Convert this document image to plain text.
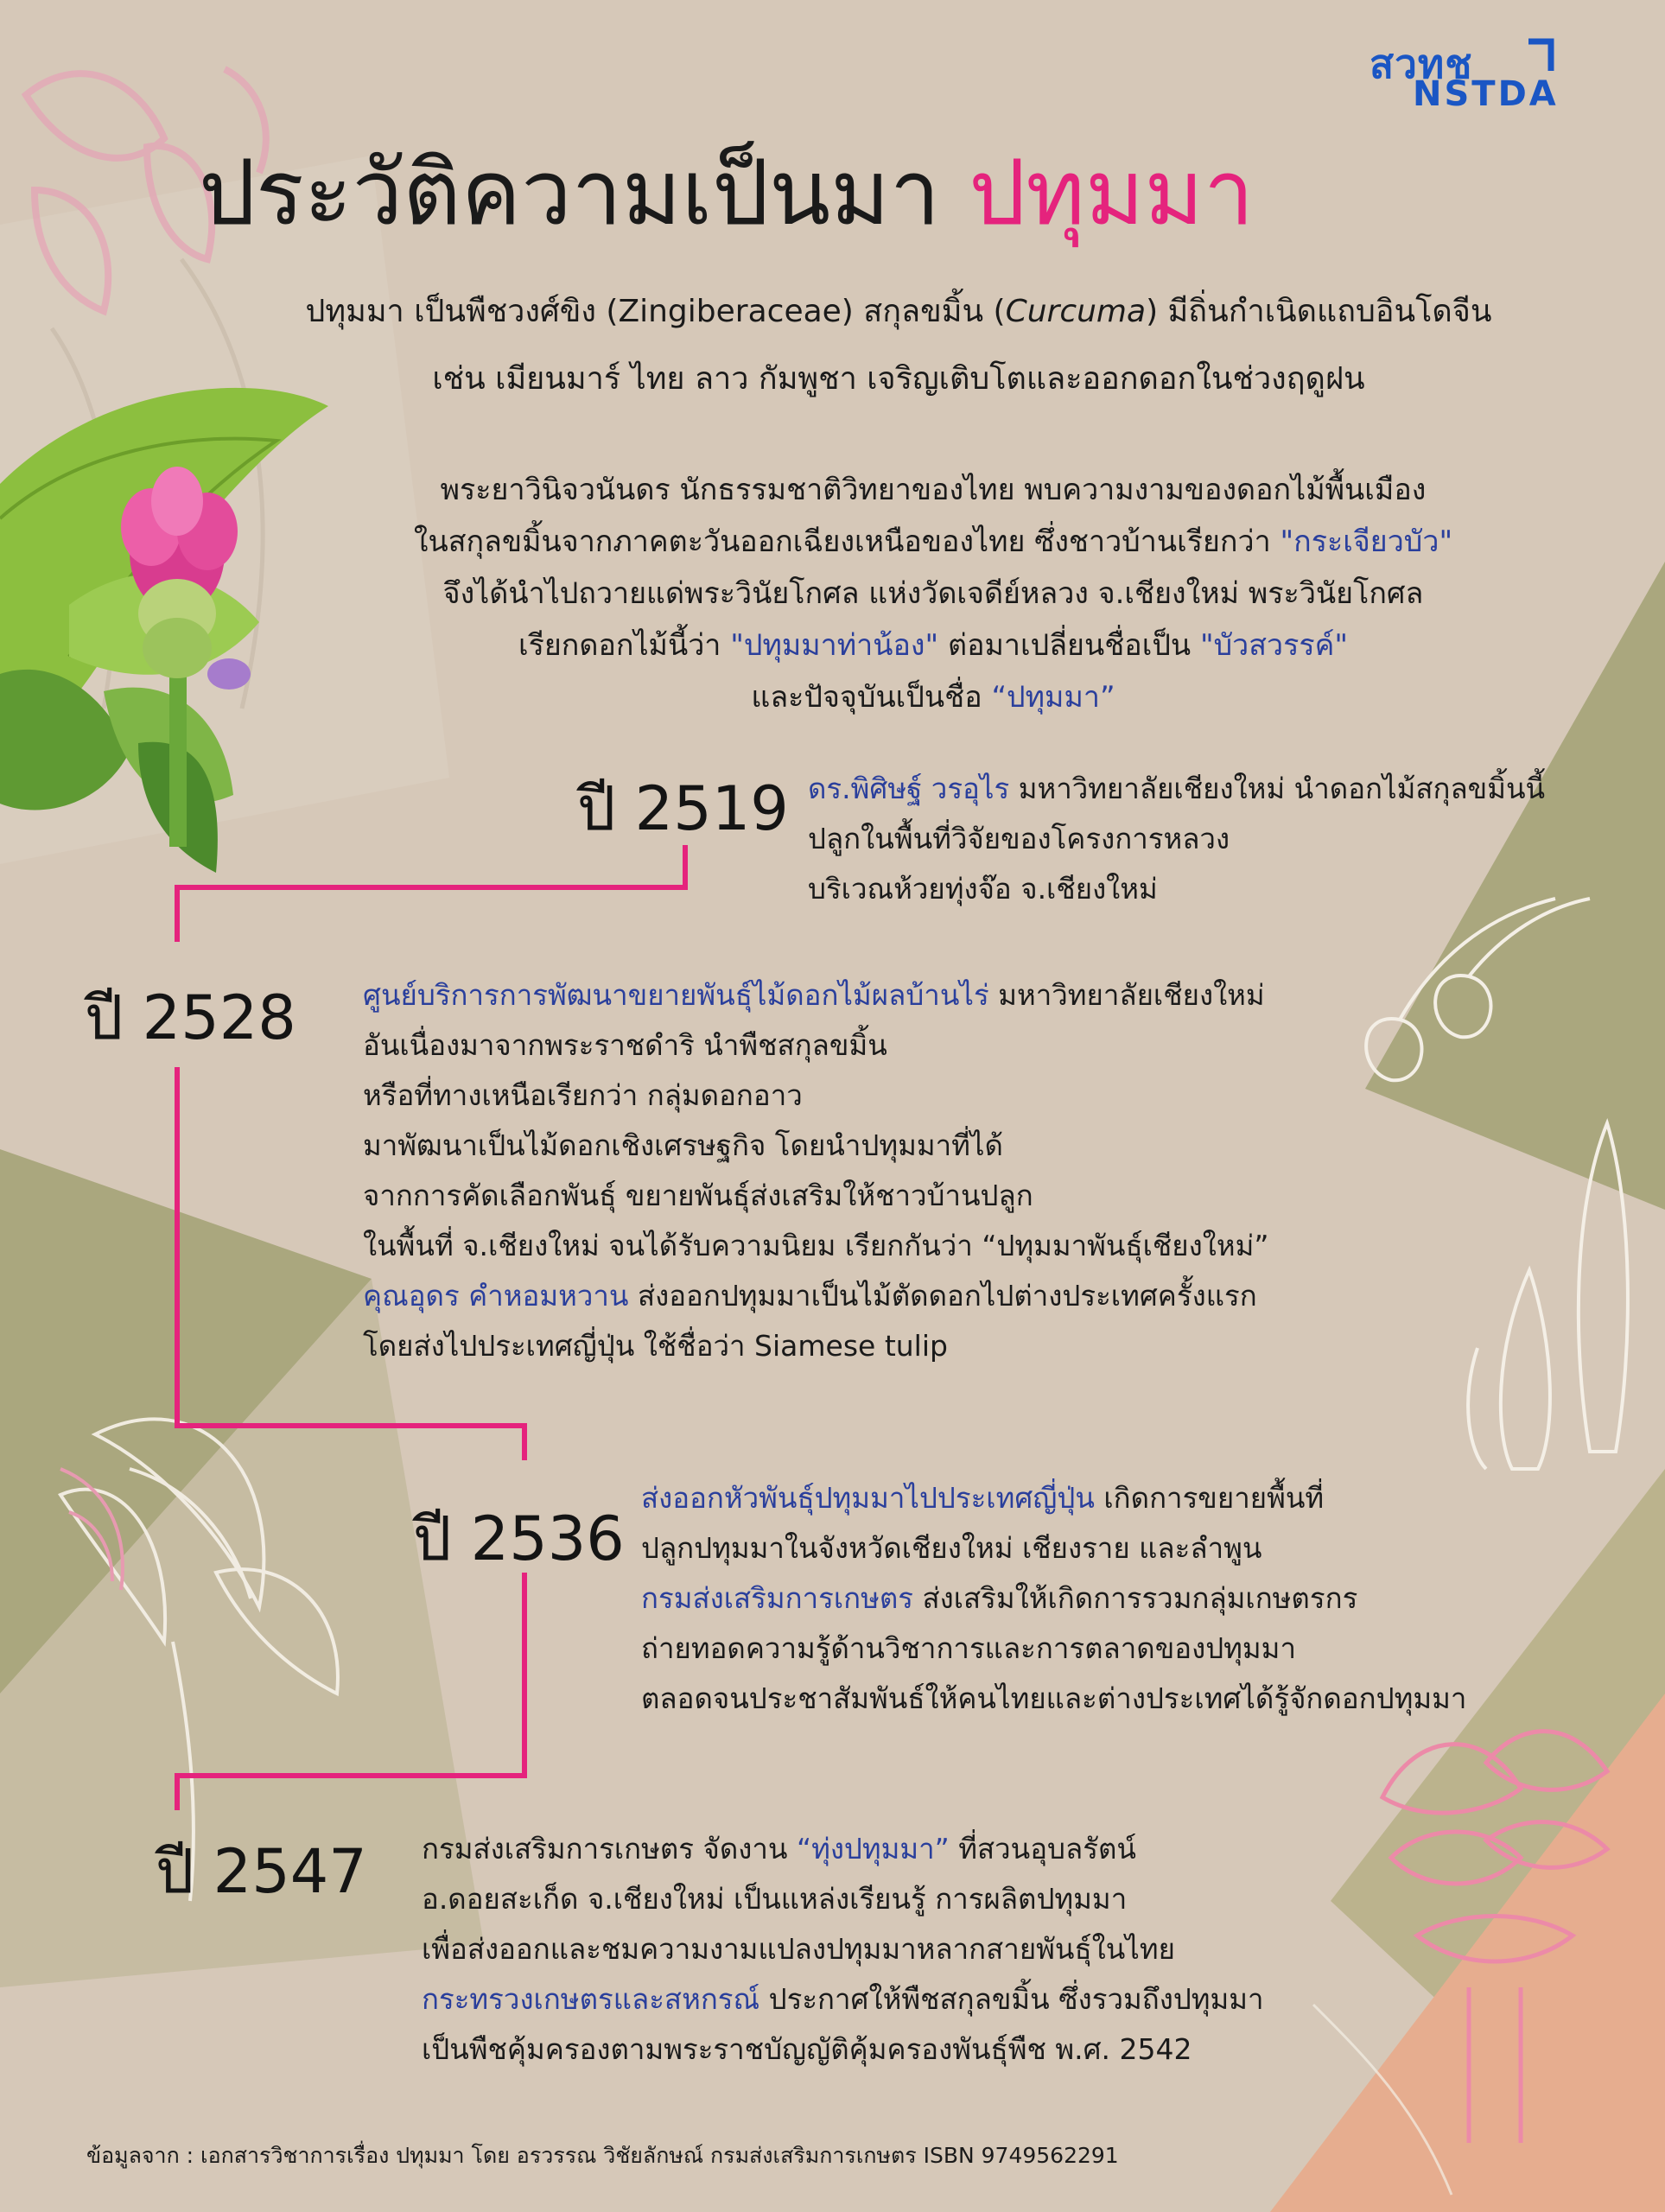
สวทช
NSTDA
ประวัติความเป็นมา ปทุมมา
ปทุมมา เป็นพืชวงศ์ขิง (Zingiberaceae) สกุลขมิ้น (Curcuma) มีถิ่นกำเนิดแถบอินโดจีน
เช่น เมียนมาร์ ไทย ลาว กัมพูชา เจริญเติบโตและออกดอกในช่วงฤดูฝน
พระยาวินิจวนันดร นักธรรมชาติวิทยาของไทย พบความงามของดอกไม้พื้นเมือง
ในสกุลขมิ้นจากภาคตะวันออกเฉียงเหนือของไทย ซึ่งชาวบ้านเรียกว่า "กระเจียวบัว"
จึงได้นำไปถวายแด่พระวินัยโกศล แห่งวัดเจดีย์หลวง จ.เชียงใหม่ พระวินัยโกศล
เรียกดอกไม้นี้ว่า "ปทุมมาท่าน้อง" ต่อมาเปลี่ยนชื่อเป็น "บัวสวรรค์"
และปัจจุบันเป็นชื่อ “ปทุมมา”
ปี 2519 ดร.พิศิษฐ์ วรอุไร มหาวิทยาลัยเชียงใหม่ นำดอกไม้สกุลขมิ้นนี้
ปลูกในพื้นที่วิจัยของโครงการหลวง
บริเวณห้วยทุ่งจ๊อ จ.เชียงใหม่
ปี 2528 ศูนย์บริการการพัฒนาขยายพันธุ์ไม้ดอกไม้ผลบ้านไร่ มหาวิทยาลัยเชียงใหม่
อันเนื่องมาจากพระราชดำริ นำพืชสกุลขมิ้น
หรือที่ทางเหนือเรียกว่า กลุ่มดอกอาว
มาพัฒนาเป็นไม้ดอกเชิงเศรษฐกิจ โดยนำปทุมมาที่ได้
จากการคัดเลือกพันธุ์ ขยายพันธุ์ส่งเสริมให้ชาวบ้านปลูก
ในพื้นที่ จ.เชียงใหม่ จนได้รับความนิยม เรียกกันว่า “ปทุมมาพันธุ์เชียงใหม่”
คุณอุดร คำหอมหวาน ส่งออกปทุมมาเป็นไม้ตัดดอกไปต่างประเทศครั้งแรก
โดยส่งไปประเทศญี่ปุ่น ใช้ชื่อว่า Siamese tulip
ปี 2536
ส่งออกหัวพันธุ์ปทุมมาไปประเทศญี่ปุ่น เกิดการขยายพื้นที่
ปลูกปทุมมาในจังหวัดเชียงใหม่ เชียงราย และลำพูน
กรมส่งเสริมการเกษตร ส่งเสริมให้เกิดการรวมกลุ่มเกษตรกร
ถ่ายทอดความรู้ด้านวิชาการและการตลาดของปทุมมา
ตลอดจนประชาสัมพันธ์ให้คนไทยและต่างประเทศได้รู้จักดอกปทุมมา
ปี 2547 กรมส่งเสริมการเกษตร จัดงาน “ทุ่งปทุมมา” ที่สวนอุบลรัตน์
อ.ดอยสะเก็ด จ.เชียงใหม่ เป็นแหล่งเรียนรู้ การผลิตปทุมมา
เพื่อส่งออกและชมความงามแปลงปทุมมาหลากสายพันธุ์ในไทย
กระทรวงเกษตรและสหกรณ์ ประกาศให้พืชสกุลขมิ้น ซึ่งรวมถึงปทุมมา
เป็นพืชคุ้มครองตามพระราชบัญญัติคุ้มครองพันธุ์พืช พ.ศ. 2542
ข้อมูลจาก : เอกสารวิชาการเรื่อง ปทุมมา โดย อรวรรณ วิชัยลักษณ์ กรมส่งเสริมการเกษตร ISBN 9749562291
